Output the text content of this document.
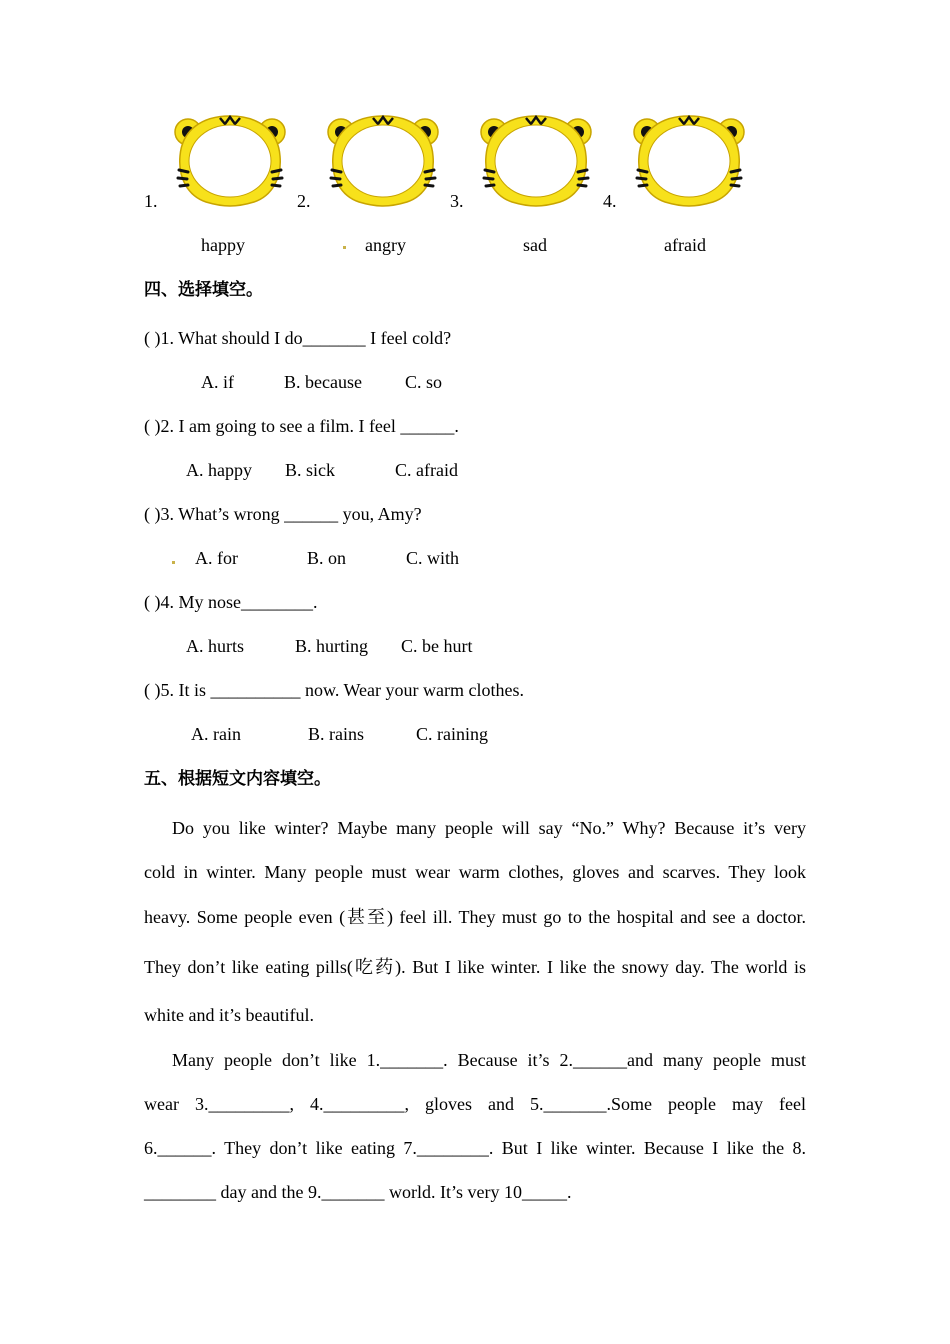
1.	2.	3.	4.
happy	angry	sad	afraid
四、选择填空。
( )1. What should I do_______ I feel cold?
A. if	B. because C. so
( )2. I am going to see a film. I feel ______.
A. happy B. sick	C. afraid
( )3. What’s wrong ______ you, Amy?
A. for	B. on	C. with
( )4. My nose________.
A. hurts	B. hurting C. be hurt
( )5. It is __________ now. Wear your warm clothes.
A. rain	B. rains	C. raining
五、根据短文内容填空。
Do you like winter? Maybe many people will say “No.” Why? Because it’s very
cold in winter. Many people must wear warm clothes, gloves and scarves. They look
heavy. Some people even (甚至) feel ill. They must go to the hospital and see a doctor.
They don’t like eating pills(吃药). But I like winter. I like the snowy day. The world is
white and it’s beautiful.
Many people don’t like 1._______. Because it’s 2.______and many people must
wear 3._________, 4._________, gloves and 5._______.Some people may feel
6.______. They don’t like eating 7.________. But I like winter. Because I like the 8.
________ day and the 9._______ world. It’s very 10_____.
